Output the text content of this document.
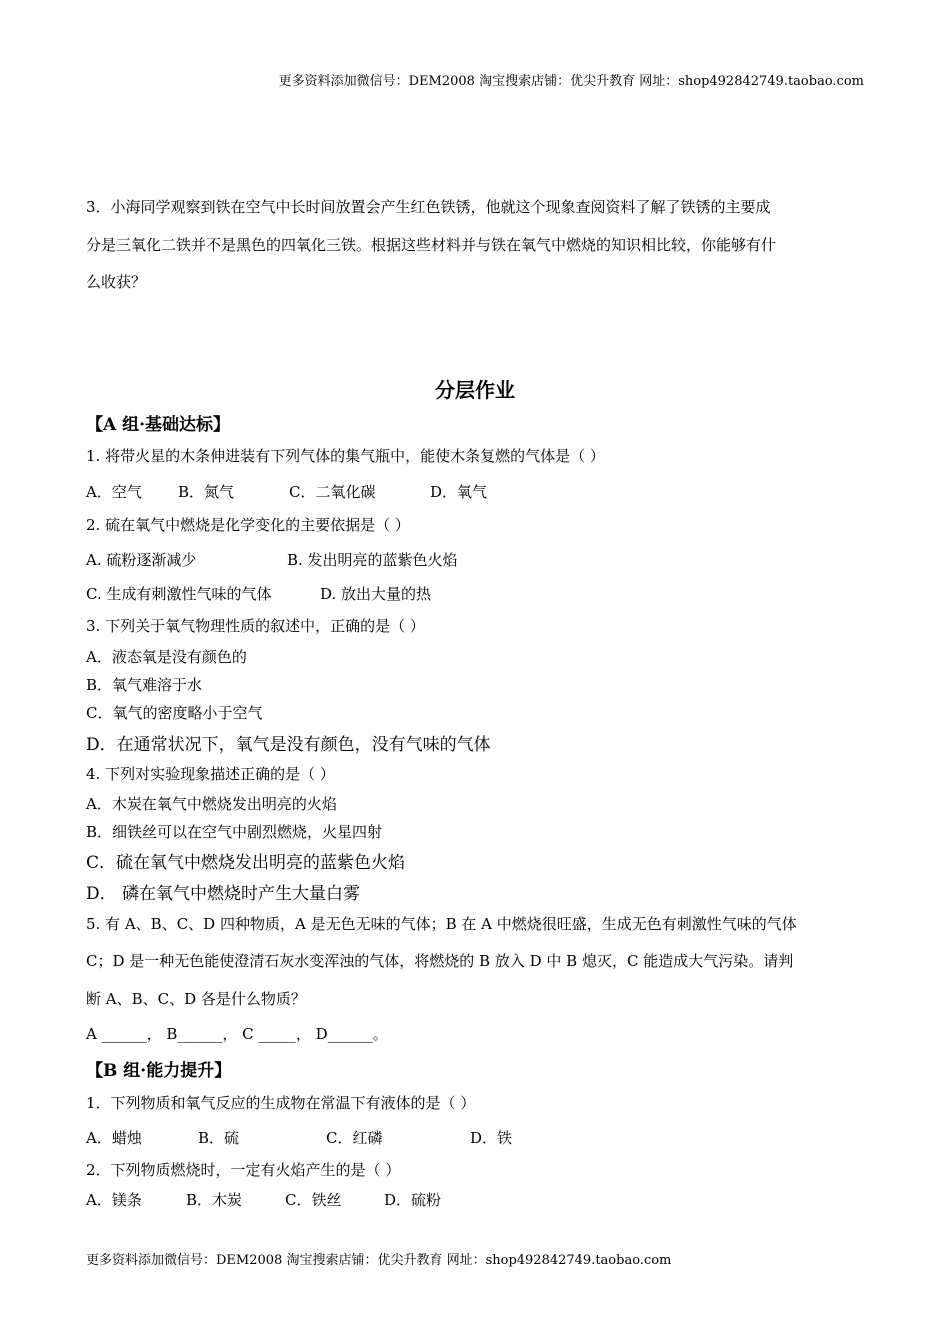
更多资料添加微信号：DEM2008 淘宝搜索店铺：优尖升教育 网址：shop492842749.taobao.com
3．小海同学观察到铁在空气中长时间放置会产生红色铁锈，他就这个现象查阅资料了解了铁锈的主要成
分是三氧化二铁并不是黑色的四氧化三铁。根据这些材料并与铁在氧气中燃烧的知识相比较，你能够有什
么收获？
分层作业
【A 组·基础达标】
1. 将带火星的木条伸进装有下列气体的集气瓶中，能使木条复燃的气体是（ ）
A．空气 B．氮气	C．二氧化碳	D．氧气
2. 硫在氧气中燃烧是化学变化的主要依据是（ ）
A. 硫粉逐渐减少	B. 发出明亮的蓝紫色火焰
C. 生成有刺激性气味的气体	D. 放出大量的热
3. 下列关于氧气物理性质的叙述中，正确的是（ ）
A．液态氧是没有颜色的
B．氧气难溶于水
C．氧气的密度略小于空气
D．在通常状况下，氧气是没有颜色，没有气味的气体
4. 下列对实验现象描述正确的是（ ）
A．木炭在氧气中燃烧发出明亮的火焰
B．细铁丝可以在空气中剧烈燃烧，火星四射
C．硫在氧气中燃烧发出明亮的蓝紫色火焰
D． 磷在氧气中燃烧时产生大量白雾
5. 有 A、B、C、D 四种物质，A 是无色无味的气体；B 在 A 中燃烧很旺盛，生成无色有刺激性气味的气体
C；D 是一种无色能使澄清石灰水变浑浊的气体，将燃烧的 B 放入 D 中 B 熄灭，C 能造成大气污染。请判
断 A、B、C、D 各是什么物质？
A ______， B______， C _____， D______。
【B 组·能力提升】
1．下列物质和氧气反应的生成物在常温下有液体的是（ ）
A．蜡烛	B．硫	C．红磷	D．铁
2．下列物质燃烧时，一定有火焰产生的是（ ）
A．镁条	B．木炭	C．铁丝	D．硫粉
更多资料添加微信号：DEM2008 淘宝搜索店铺：优尖升教育 网址：shop492842749.taobao.com
